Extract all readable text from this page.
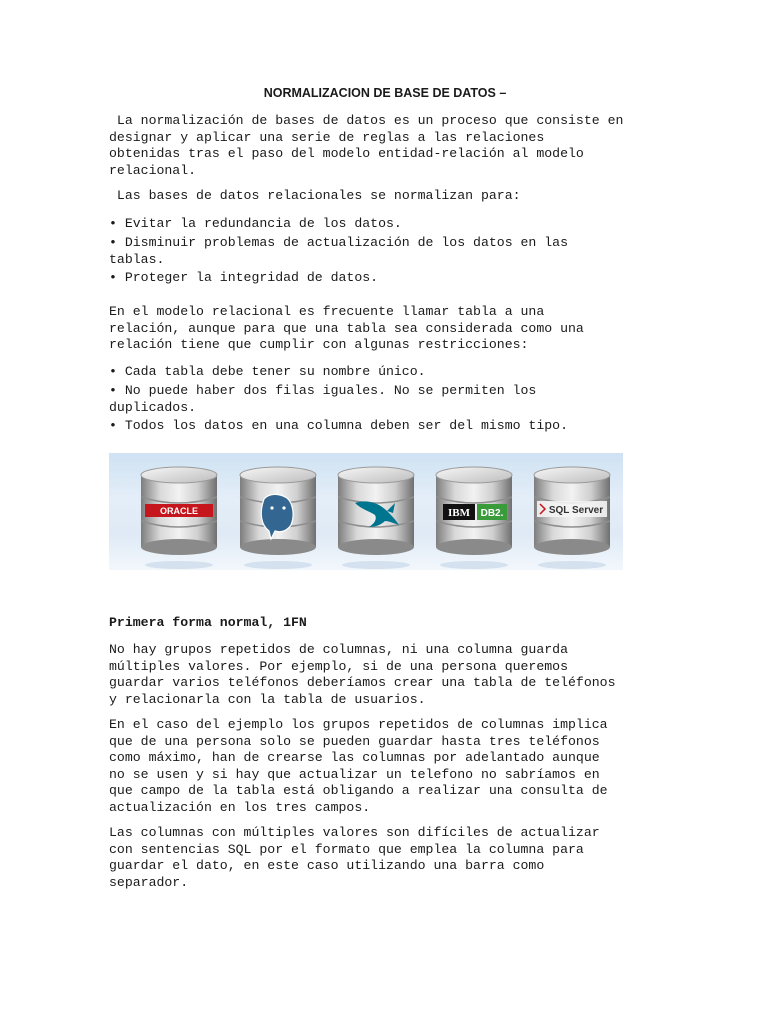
NORMALIZACION DE BASE DE DATOS –

La normalización de bases de datos es un proceso que consiste en
designar y aplicar una serie de reglas a las relaciones
obtenidas tras el paso del modelo entidad-relación al modelo
relacional.

Las bases de datos relacionales se normalizan para:

• Evitar la redundancia de los datos.

• Disminuir problemas de actualización de los datos en las
tablas.

• Proteger la integridad de datos.

En el modelo relacional es frecuente llamar tabla a una
relación, aunque para que una tabla sea considerada como una
relación tiene que cumplir con algunas restricciones:

• Cada tabla debe tener su nombre único.

• No puede haber dos filas iguales. No se permiten los
duplicados.

• Todos los datos en una columna deben ser del mismo tipo.

Primera forma normal, 1FN

No hay grupos repetidos de columnas, ni una columna guarda
múltiples valores. Por ejemplo, si de una persona queremos
guardar varios teléfonos deberíamos crear una tabla de teléfonos
y relacionarla con la tabla de usuarios.

En el caso del ejemplo los grupos repetidos de columnas implica
que de una persona solo se pueden guardar hasta tres teléfonos
como máximo, han de crearse las columnas por adelantado aunque
no se usen y si hay que actualizar un telefono no sabríamos en
que campo de la tabla está obligando a realizar una consulta de
actualización en los tres campos.

Las columnas con múltiples valores son difíciles de actualizar
con sentencias SQL por el formato que emplea la columna para
guardar el dato, en este caso utilizando una barra como
separador.

ORACLE	IBM DB2.	SQL Server
